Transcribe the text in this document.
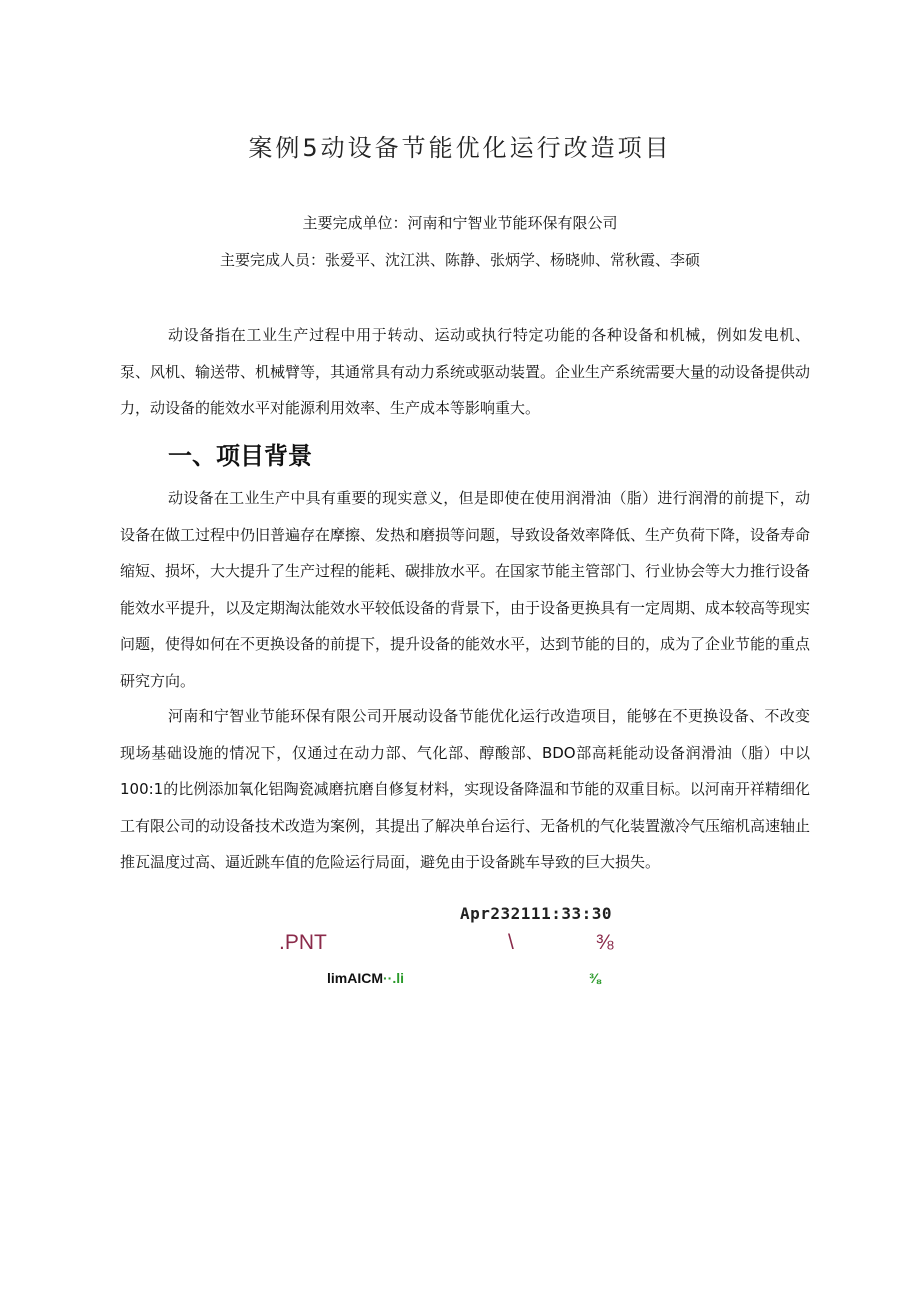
案例5动设备节能优化运行改造项目
主要完成单位：河南和宁智业节能环保有限公司
主要完成人员：张爱平、沈江洪、陈静、张炳学、杨晓帅、常秋霞、李硕

动设备指在工业生产过程中用于转动、运动或执行特定功能的各种设备和机械，例如发电机、泵、风机、输送带、机械臂等，其通常具有动力系统或驱动装置。企业生产系统需要大量的动设备提供动力，动设备的能效水平对能源利用效率、生产成本等影响重大。

一、项目背景

动设备在工业生产中具有重要的现实意义，但是即使在使用润滑油（脂）进行润滑的前提下，动设备在做工过程中仍旧普遍存在摩擦、发热和磨损等问题，导致设备效率降低、生产负荷下降，设备寿命缩短、损坏，大大提升了生产过程的能耗、碳排放水平。在国家节能主管部门、行业协会等大力推行设备能效水平提升，以及定期淘汰能效水平较低设备的背景下，由于设备更换具有一定周期、成本较高等现实问题，使得如何在不更换设备的前提下，提升设备的能效水平，达到节能的目的，成为了企业节能的重点研究方向。

河南和宁智业节能环保有限公司开展动设备节能优化运行改造项目，能够在不更换设备、不改变现场基础设施的情况下，仅通过在动力部、气化部、醇酸部、BDO部高耗能动设备润滑油（脂）中以100:1的比例添加氧化铝陶瓷减磨抗磨自修复材料，实现设备降温和节能的双重目标。以河南开祥精细化工有限公司的动设备技术改造为案例，其提出了解决单台运行、无备机的气化装置激冷气压缩机高速轴止推瓦温度过高、逼近跳车值的危险运行局面，避免由于设备跳车导致的巨大损失。

Apr232111:33:30
.PNT	\	⅜
limAICM··.li	⅜
